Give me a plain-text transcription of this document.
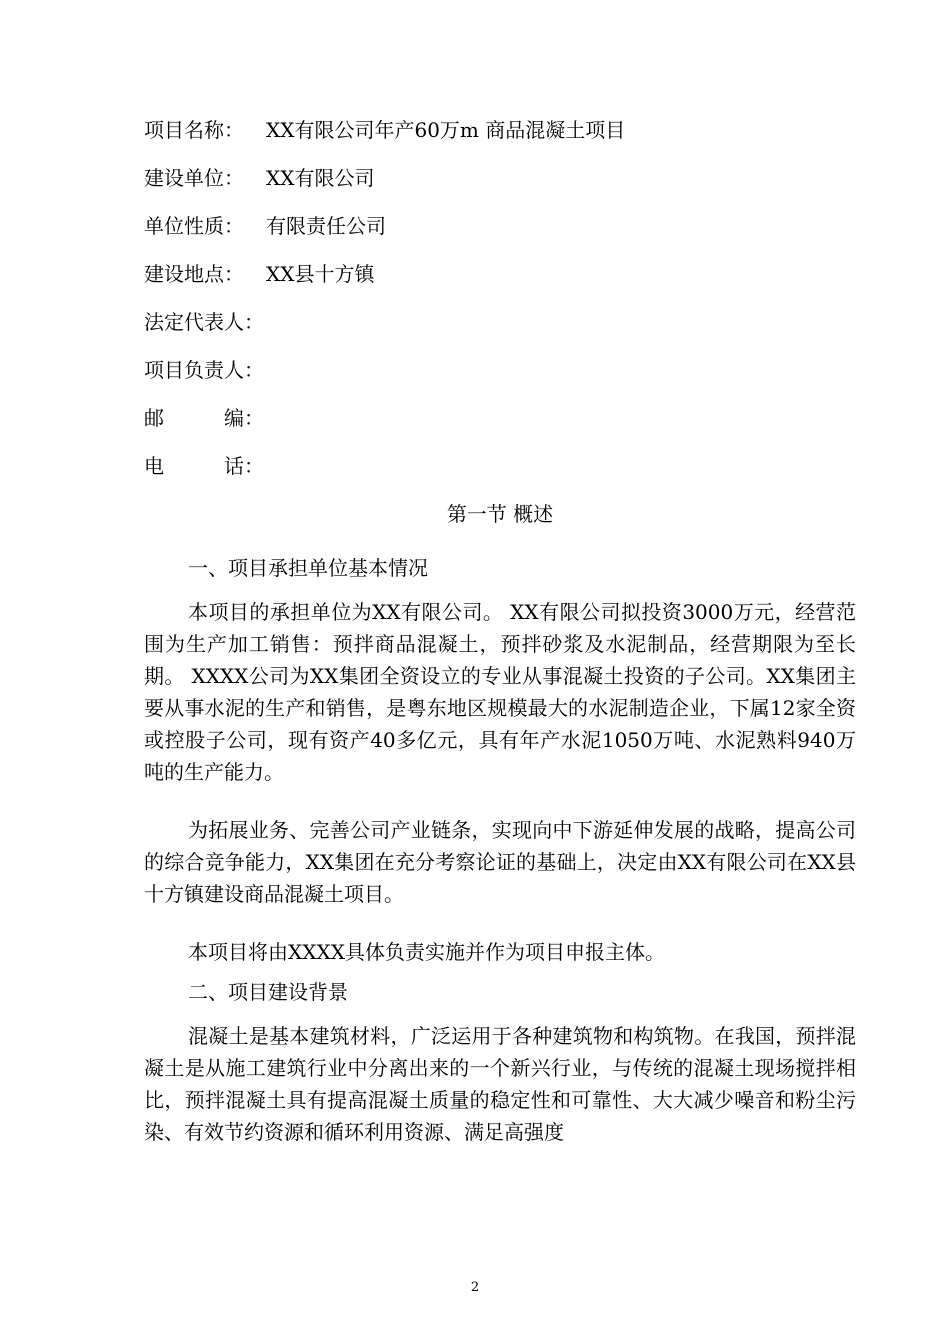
项目名称： XX有限公司年产60万m 商品混凝土项目
建设单位： XX有限公司
单位性质： 有限责任公司
建设地点： XX县十方镇
法定代表人：
项目负责人：
邮　　　编：
电　　　话：
第一节 概述
一、项目承担单位基本情况

本项目的承担单位为XX有限公司。 XX有限公司拟投资3000万元，经营范围为生产加工销售：预拌商品混凝土，预拌砂浆及水泥制品，经营期限为至长期。 XXXX公司为XX集团全资设立的专业从事混凝土投资的子公司。XX集团主要从事水泥的生产和销售，是粤东地区规模最大的水泥制造企业，下属12家全资或控股子公司，现有资产40多亿元，具有年产水泥1050万吨、水泥熟料940万吨的生产能力。

为拓展业务、完善公司产业链条，实现向中下游延伸发展的战略，提高公司的综合竞争能力，XX集团在充分考察论证的基础上，决定由XX有限公司在XX县十方镇建设商品混凝土项目。

本项目将由XXXX具体负责实施并作为项目申报主体。

二、项目建设背景

混凝土是基本建筑材料，广泛运用于各种建筑物和构筑物。在我国，预拌混凝土是从施工建筑行业中分离出来的一个新兴行业，与传统的混凝土现场搅拌相比，预拌混凝土具有提高混凝土质量的稳定性和可靠性、大大减少噪音和粉尘污染、有效节约资源和循环利用资源、满足高强度

2
